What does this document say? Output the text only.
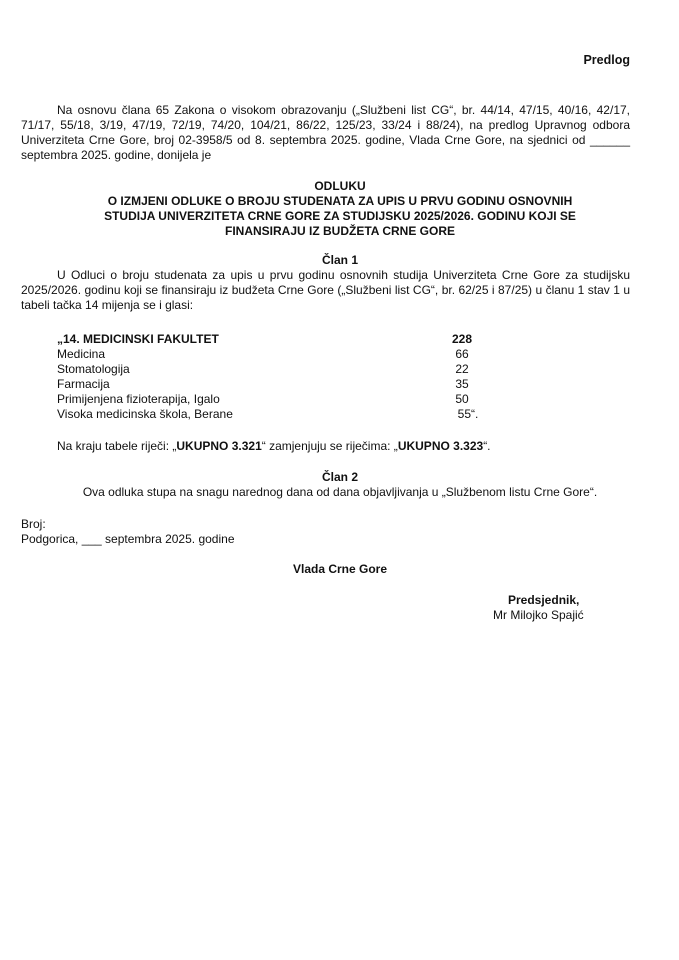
Predlog

Na osnovu člana 65 Zakona o visokom obrazovanju („Službeni list CG“, br. 44/14, 47/15, 40/16, 42/17, 71/17, 55/18, 3/19, 47/19, 72/19, 74/20, 104/21, 86/22, 125/23, 33/24 i 88/24), na predlog Upravnog odbora Univerziteta Crne Gore, broj 02-3958/5 od 8. septembra 2025. godine, Vlada Crne Gore, na sjednici od ______ septembra 2025. godine, donijela je

ODLUKU
O IZMJENI ODLUKE O BROJU STUDENATA ZA UPIS U PRVU GODINU OSNOVNIH
STUDIJA UNIVERZITETA CRNE GORE ZA STUDIJSKU 2025/2026. GODINU KOJI SE
FINANSIRAJU IZ BUDŽETA CRNE GORE
Član 1

U Odluci o broju studenata za upis u prvu godinu osnovnih studija Univerziteta Crne Gore za studijsku 2025/2026. godinu koji se finansiraju iz budžeta Crne Gore („Službeni list CG“, br. 62/25 i 87/25) u članu 1 stav 1 u tabeli tačka 14 mijenja se i glasi:

„14. MEDICINSKI FAKULTET	228
Medicina	66
Stomatologija	22
Farmacija	35
Primijenjena fizioterapija, Igalo	50
Visoka medicinska škola, Berane	55“.

Na kraju tabele riječi: „UKUPNO 3.321“ zamjenjuju se riječima: „UKUPNO 3.323“.

Član 2

Ova odluka stupa na snagu narednog dana od dana objavljivanja u „Službenom listu Crne Gore“.

Broj:
Podgorica, ___ septembra 2025. godine
Vlada Crne Gore
Predsjednik,
Mr Milojko Spajić
